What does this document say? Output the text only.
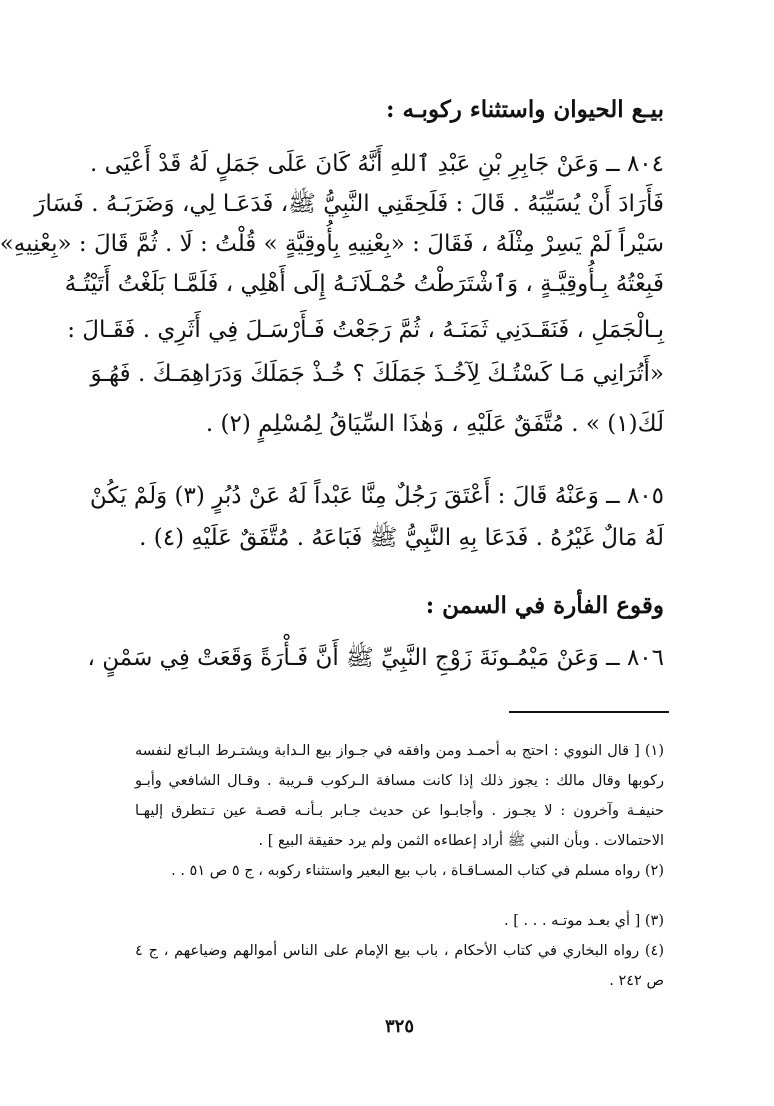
بيـع الحيوان واستثناء ركوبـه :
٨٠٤ ــ وَعَنْ جَابِرِ بْنِ عَبْدِ ٱللهِ أَنَّهُ كَانَ عَلَى جَمَلٍ لَهُ قَدْ أَعْيَى .
فَأَرَادَ أَنْ يُسَيِّبَهُ . قَالَ : فَلَحِقَنِي النَّبِيُّ ﷺ، فَدَعَـا لِي، وَضَرَبَـهُ . فَسَارَ
سَيْراً لَمْ يَسِرْ مِثْلَهُ ، فَقَالَ : «بِعْنِيهِ بِأُوقِيَّةٍ » قُلْتُ : لَا . ثُمَّ قَالَ : «بِعْنِيهِ»
فَبِعْتُهُ بِـأُوقِيَّـةٍ ، وَٱشْتَرَطْتُ حُمْـلَانَـهُ إِلَى أَهْلِي ، فَلَمَّـا بَلَغْتُ أَتَيْتُـهُ
بِـالْجَمَلِ ، فَنَقَـدَنِي ثَمَنَـهُ ، ثُمَّ رَجَعْتُ فَـأَرْسَـلَ فِي أَثَرِي . فَقَـالَ :
«أَتُرَانِي مَـا كَسْتُـكَ لِآخُـذَ جَمَلَكَ ؟ خُـذْ جَمَلَكَ وَدَرَاهِمَـكَ . فَهُـوَ
لَكَ(١) » . مُتَّفَقٌ عَلَيْهِ ، وَهٰذَا السِّيَاقُ لِمُسْلِمٍ (٢) .
٨٠٥ ــ وَعَنْهُ قَالَ : أَعْتَقَ رَجُلٌ مِنَّا عَبْداً لَهُ عَنْ دُبُرٍ (٣) وَلَمْ يَكُنْ
لَهُ مَالٌ غَيْرُهُ . فَدَعَا بِهِ النَّبِيُّ ﷺ فَبَاعَهُ . مُتَّفَقٌ عَلَيْهِ (٤) .
وقوع الفأرة في السمن :
٨٠٦ ــ وَعَنْ مَيْمُـونَةَ زَوْجِ النَّبِيِّ ﷺ أَنَّ فَـأْرَةً وَقَعَتْ فِي سَمْنٍ ،
(١) [ قال النووي : احتج به أحمـد ومن وافقه في جـواز بيع الـدابة ويشتـرط البـائع لنفسه
ركوبها وقال مالك : يجوز ذلك إذا كانت مسافة الـركوب قـريبة . وقـال الشافعي وأبـو
حنيفـة وآخرون : لا يجـوز . وأجابـوا عن حديث جـابر بـأنـه قصـة عين تـتطرق إليهـا
الاحتمالات . وبأن النبي ﷺ أراد إعطاءه الثمن ولم يرد حقيقة البيع ] .
(٢) رواه مسلم في كتاب المسـاقـاة ، باب بيع البعير واستثناء ركوبه ، ج ٥ ص ٥١ . .
(٣) [ أي بعـد موتـه . . . ] .
(٤) رواه البخاري في كتاب الأحكام ، باب بيع الإمام على الناس أموالهم وضياعهم ، ج ٤
ص ٢٤٢ .
٣٢٥
